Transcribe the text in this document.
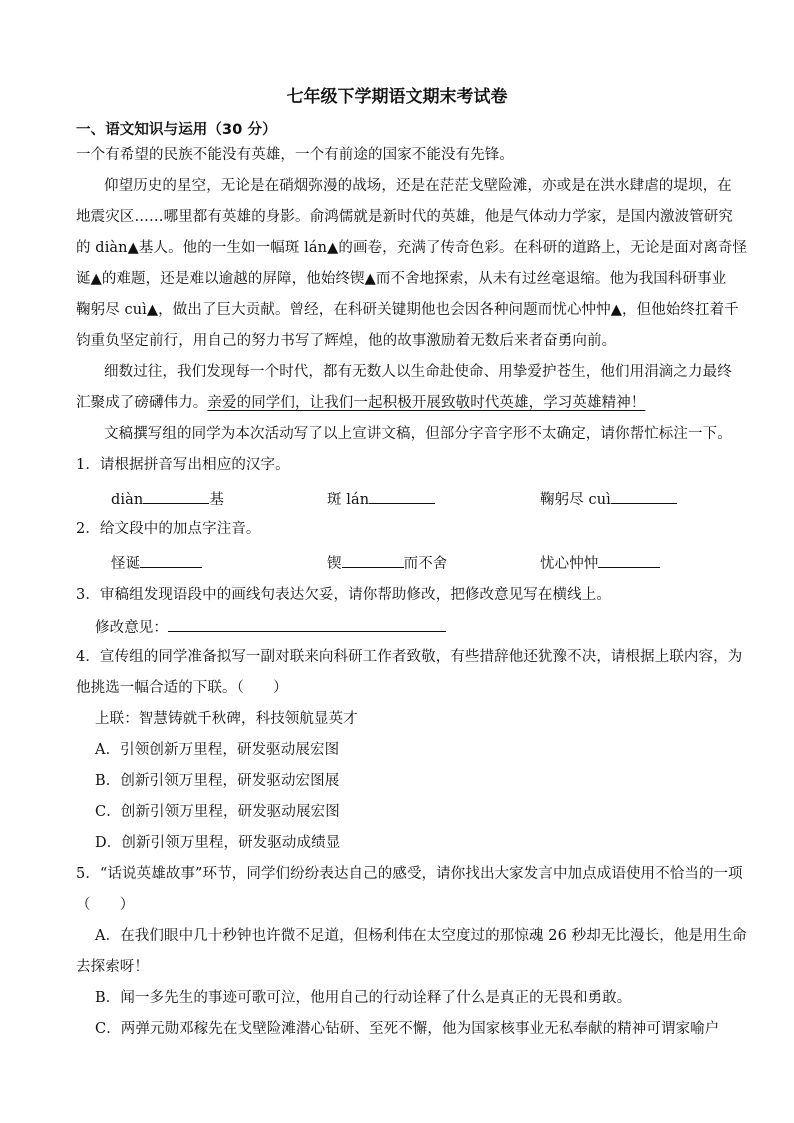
七年级下学期语文期末考试卷
一、语文知识与运用（30 分）
一个有希望的民族不能没有英雄，一个有前途的国家不能没有先锋。
仰望历史的星空，无论是在硝烟弥漫的战场，还是在茫茫戈壁险滩，亦或是在洪水肆虐的堤坝，在
地震灾区……哪里都有英雄的身影。俞鸿儒就是新时代的英雄，他是气体动力学家，是国内激波管研究
的 diàn▲基人。他的一生如一幅斑 lán▲的画卷，充满了传奇色彩。在科研的道路上，无论是面对离奇怪
诞▲的难题，还是难以逾越的屏障，他始终锲▲而不舍地探索，从未有过丝毫退缩。他为我国科研事业
鞠躬尽 cuì▲，做出了巨大贡献。曾经，在科研关键期他也会因各种问题而忧心忡忡▲，但他始终扛着千
钧重负坚定前行，用自己的努力书写了辉煌，他的故事激励着无数后来者奋勇向前。
细数过往，我们发现每一个时代，都有无数人以生命赴使命、用挚爱护苍生，他们用涓滴之力最终
汇聚成了磅礴伟力。亲爱的同学们，让我们一起积极开展致敬时代英雄，学习英雄精神！
文稿撰写组的同学为本次活动写了以上宣讲文稿，但部分字音字形不太确定，请你帮忙标注一下。
1．请根据拼音写出相应的汉字。
diàn	基	斑 lán	鞠躬尽 cuì
2．给文段中的加点字注音。
怪诞	锲	而不舍	忧心忡忡
3．审稿组发现语段中的画线句表达欠妥，请你帮助修改，把修改意见写在横线上。
修改意见：
4．宣传组的同学准备拟写一副对联来向科研工作者致敬，有些措辞他还犹豫不决，请根据上联内容，为
他挑选一幅合适的下联。（　　）
上联：智慧铸就千秋碑，科技领航显英才
A．引领创新万里程，研发驱动展宏图
B．创新引领万里程，研发驱动宏图展
C．创新引领万里程，研发驱动展宏图
D．创新引领万里程，研发驱动成绩显
5．“话说英雄故事”环节，同学们纷纷表达自己的感受，请你找出大家发言中加点成语使用不恰当的一项
（　　）
A．在我们眼中几十秒钟也许微不足道，但杨利伟在太空度过的那惊魂 26 秒却无比漫长，他是用生命
去探索呀！
B．闻一多先生的事迹可歌可泣，他用自己的行动诠释了什么是真正的无畏和勇敢。
C．两弹元勋邓稼先在戈壁险滩潜心钻研、至死不懈，他为国家核事业无私奉献的精神可谓家喻户
